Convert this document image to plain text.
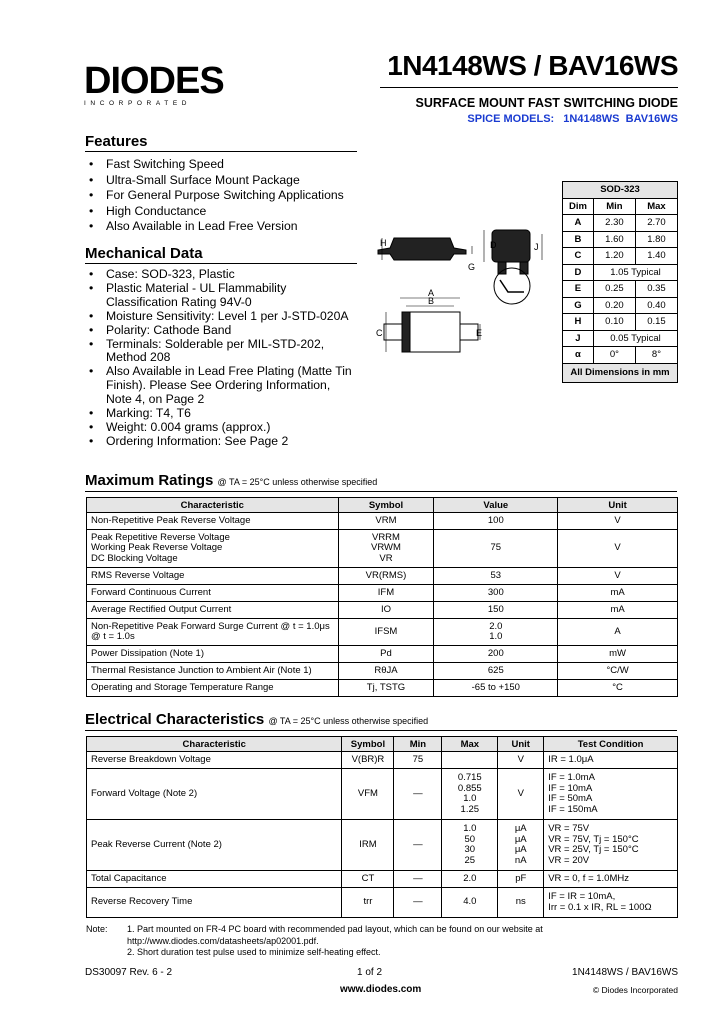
DIODES
INCORPORATED
1N4148WS / BAV16WS
SURFACE MOUNT FAST SWITCHING DIODE
SPICE MODELS: 1N4148WS  BAV16WS
Features
• Fast Switching Speed
• Ultra-Small Surface Mount Package
• For General Purpose Switching Applications
• High Conductance
• Also Available in Lead Free Version
Mechanical Data
• Case: SOD-323, Plastic
• Plastic Material - UL Flammability Classification Rating 94V-0
• Moisture Sensitivity: Level 1 per J-STD-020A
• Polarity: Cathode Band
• Terminals: Solderable per MIL-STD-202, Method 208
• Also Available in Lead Free Plating (Matte Tin Finish). Please See Ordering Information, Note 4, on Page 2
• Marking: T4, T6
• Weight: 0.004 grams (approx.)
• Ordering Information: See Page 2
H	D	J
G
A
B
C	E
SOD-323		
Dim	Min	Max
A	2.30	2.70
B	1.60	1.80
C	1.20	1.40
D	1.05 Typical	
E	0.25	0.35
G	0.20	0.40
H	0.10	0.15
J	0.05 Typical	
α	0°	8°
All Dimensions in mm		
Maximum Ratings @ TA = 25°C unless otherwise specified
Characteristic	Symbol	Value	Unit
Non-Repetitive Peak Reverse Voltage	VRM	100	V
Peak Repetitive Reverse Voltage
Working Peak Reverse Voltage
DC Blocking Voltage	VRRM
VRWM
VR	75	V
RMS Reverse Voltage	VR(RMS)	53	V
Forward Continuous Current	IFM	300	mA
Average Rectified Output Current	IO	150	mA
Non-Repetitive Peak Forward Surge Current @ t = 1.0μs
@ t = 1.0s	IFSM	2.0
1.0	A
Power Dissipation (Note 1)	Pd	200	mW
Thermal Resistance Junction to Ambient Air (Note 1)	RθJA	625	°C/W
Operating and Storage Temperature Range	Tj, TSTG	-65 to +150	°C
Electrical Characteristics @ TA = 25°C unless otherwise specified
Characteristic	Symbol	Min	Max	Unit	Test Condition
Reverse Breakdown Voltage	V(BR)R	75		V	IR = 1.0μA
Forward Voltage (Note 2)	VFM	—	0.715
0.855
1.0
1.25	V	IF = 1.0mA
IF = 10mA
IF = 50mA
IF = 150mA
Peak Reverse Current (Note 2)	IRM	—	1.0
50
30
25	μA
μA
μA
nA	VR = 75V
VR = 75V, Tj = 150°C
VR = 25V, Tj = 150°C
VR = 20V
Total Capacitance	CT	—	2.0	pF	VR = 0, f = 1.0MHz
Reverse Recovery Time	trr	—	4.0	ns	IF = IR = 10mA,
Irr = 0.1 x IR, RL = 100Ω
Note:	1. Part mounted on FR-4 PC board with recommended pad layout, which can be found on our website at http://www.diodes.com/datasheets/ap02001.pdf.
2. Short duration test pulse used to minimize self-heating effect.
DS30097 Rev. 6 - 2	1 of 2
www.diodes.com
1N4148WS / BAV16WS
© Diodes Incorporated
